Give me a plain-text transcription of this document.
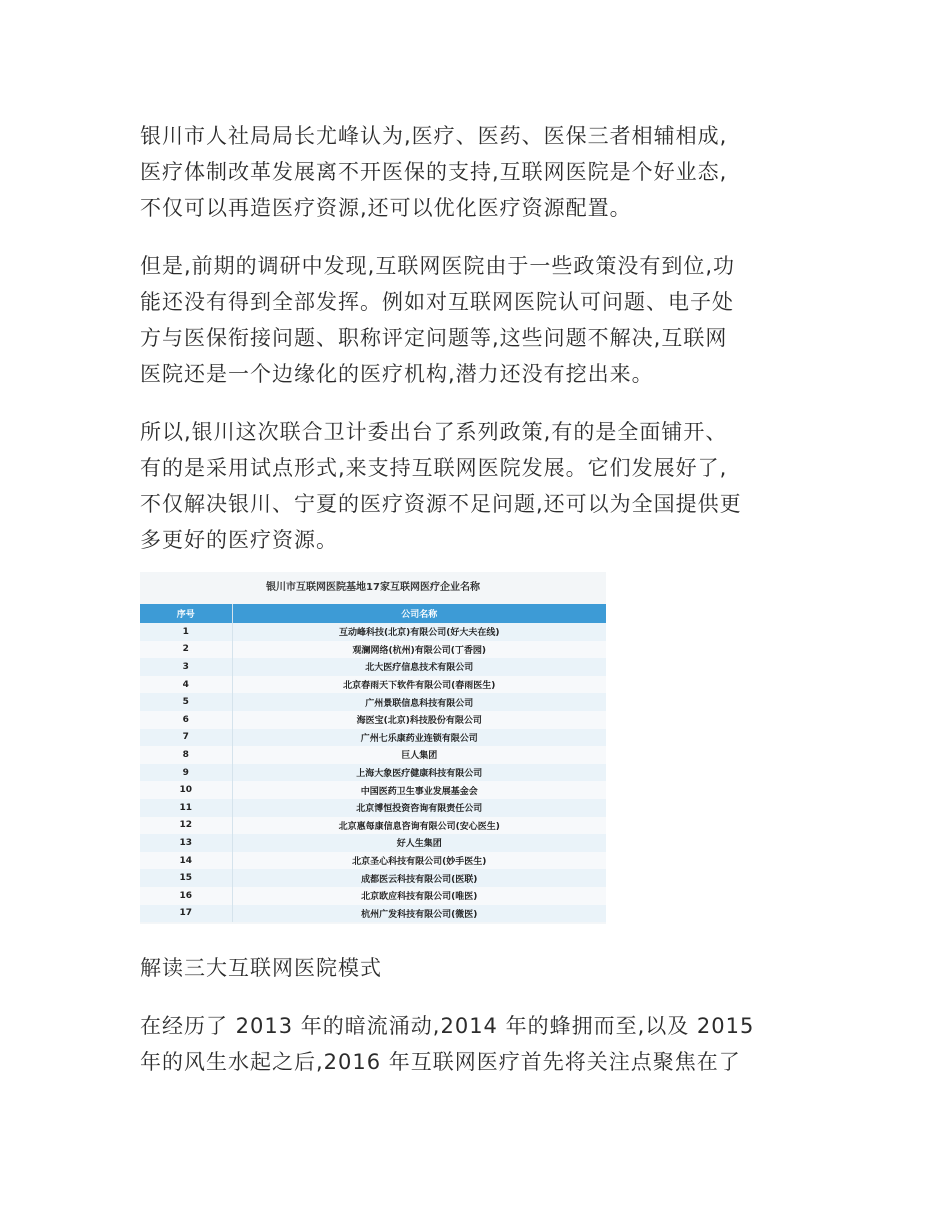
银川市人社局局长尤峰认为,医疗、医药、医保三者相辅相成,
医疗体制改革发展离不开医保的支持,互联网医院是个好业态,
不仅可以再造医疗资源,还可以优化医疗资源配置。
但是,前期的调研中发现,互联网医院由于一些政策没有到位,功
能还没有得到全部发挥。例如对互联网医院认可问题、电子处
方与医保衔接问题、职称评定问题等,这些问题不解决,互联网
医院还是一个边缘化的医疗机构,潜力还没有挖出来。
所以,银川这次联合卫计委出台了系列政策,有的是全面铺开、
有的是采用试点形式,来支持互联网医院发展。它们发展好了,
不仅解决银川、宁夏的医疗资源不足问题,还可以为全国提供更
多更好的医疗资源。
银川市互联网医院基地17家互联网医疗企业名称
序号	公司名称
1	互动峰科技(北京)有限公司(好大夫在线)
2	观澜网络(杭州)有限公司(丁香园)
3	北大医疗信息技术有限公司
4	北京春雨天下软件有限公司(春雨医生)
5	广州景联信息科技有限公司
6	海医宝(北京)科技股份有限公司
7	广州七乐康药业连锁有限公司
8	巨人集团
9	上海大象医疗健康科技有限公司
10	中国医药卫生事业发展基金会
11	北京博恒投资咨询有限责任公司
12	北京惠每康信息咨询有限公司(安心医生)
13	好人生集团
14	北京圣心科技有限公司(妙手医生)
15	成都医云科技有限公司(医联)
16	北京欧应科技有限公司(唯医)
17	杭州广发科技有限公司(微医)
解读三大互联网医院模式
在经历了 2013 年的暗流涌动,2014 年的蜂拥而至,以及 2015
年的风生水起之后,2016 年互联网医疗首先将关注点聚焦在了
